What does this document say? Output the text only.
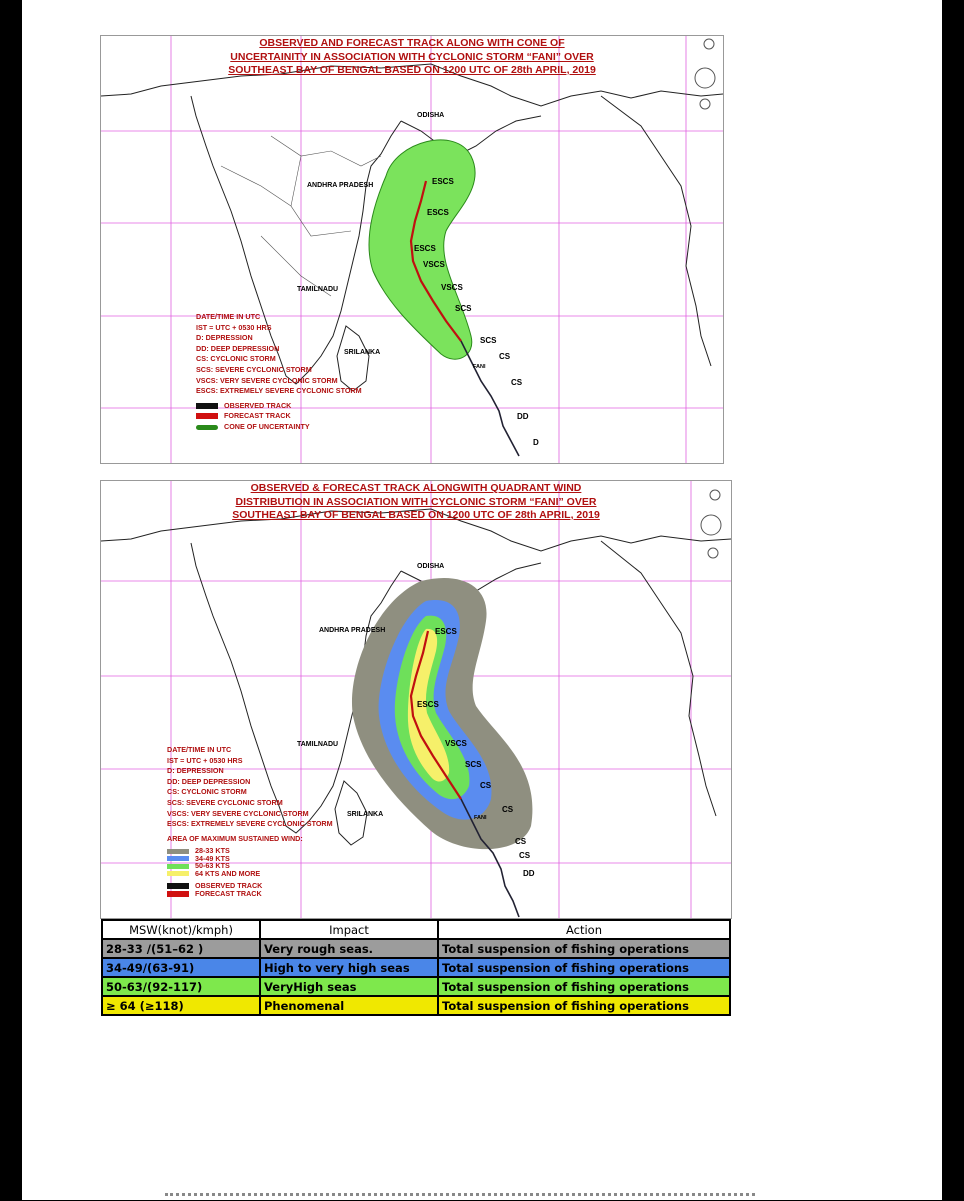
OBSERVED AND FORECAST TRACK ALONG WITH CONE OF
UNCERTAINITY IN ASSOCIATION WITH CYCLONIC STORM “FANI” OVER
SOUTHEAST BAY OF BENGAL BASED ON 1200 UTC OF 28th APRIL, 2019
ODISHA
ANDHRA PRADESH
TAMILNADU
SRILANKA
ESCS
ESCS
ESCS
VSCS
VSCS
SCS
SCS
CS
CS
DD
D
FANI
DATE/TIME IN UTC
IST = UTC + 0530 HRS
D: DEPRESSION
DD: DEEP DEPRESSION
CS: CYCLONIC STORM
SCS: SEVERE CYCLONIC STORM
VSCS: VERY SEVERE CYCLONIC STORM
ESCS: EXTREMELY SEVERE CYCLONIC STORM
OBSERVED TRACK
FORECAST TRACK
CONE OF UNCERTAINTY
OBSERVED & FORECAST TRACK ALONGWITH QUADRANT WIND
DISTRIBUTION IN ASSOCIATION WITH CYCLONIC STORM “FANI” OVER
SOUTHEAST BAY OF BENGAL BASED ON 1200 UTC OF 28th APRIL, 2019
ODISHA
ANDHRA PRADESH
TAMILNADU
SRILANKA
ESCS
ESCS
VSCS
SCS
CS
CS
CS
CS
DD
FANI
DATE/TIME IN UTC
IST = UTC + 0530 HRS
D: DEPRESSION
DD: DEEP DEPRESSION
CS: CYCLONIC STORM
SCS: SEVERE CYCLONIC STORM
VSCS: VERY SEVERE CYCLONIC STORM
ESCS: EXTREMELY SEVERE CYCLONIC STORM
AREA OF MAXIMUM SUSTAINED WIND:
28-33 KTS
34-49 KTS
50-63 KTS
64 KTS AND MORE
OBSERVED TRACK
FORECAST TRACK
MSW(knot)/kmph)	Impact	Action
28-33 /(51–62 )	Very rough seas.	Total suspension of fishing operations
34-49/(63-91)	High to very high seas	Total suspension of fishing operations
50-63/(92-117)	VeryHigh seas	Total suspension of fishing operations
≥ 64 (≥118)	Phenomenal	Total suspension of fishing operations
